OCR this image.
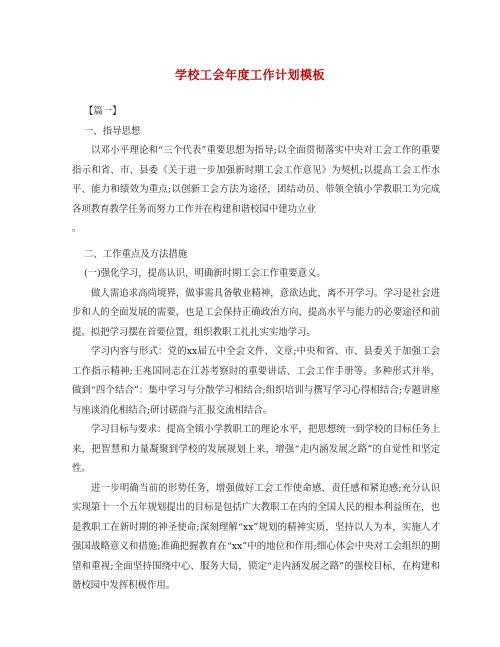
学校工会年度工作计划模板

【篇一】

一、指导思想

以邓小平理论和“三个代表”重要思想为指导;以全面贯彻落实中央对工会工作的重要指示和省、市、县委《关于进一步加强新时期工会工作意见》为契机;以提高工会工作水平、能力和绩效为重点;以创新工会方法为途径，团结动员、带领全镇小学教职工为完成各项教育教学任务而努力工作并在构建和谐校园中建功立业

。

二、工作重点及方法措施

(一)强化学习，提高认识，明确新时期工会工作重要意义。

做人需追求高尚境界，做事需具备敬业精神，意欲达此，离不开学习。学习是社会进步和人的全面发展的需要，也是工会保持正确政治方向，提高水平与能力的必要途径和前提。拟把学习摆在首要位置，组织教职工扎扎实实地学习。

学习内容与形式：党的xx届五中全会文件、文章;中央和省、市、县委关于加强工会工作指示精神;王兆国同志在江苏考察时的重要讲话、工会工作手册等。多种形式并举，做到“四个结合”：集中学习与分散学习相结合;组织培训与撰写学习心得相结合;专题讲座与座谈消化相结合;研讨磋商与汇报交流相结合。

学习目标与要求：提高全镇小学教职工的理论水平，把思想统一到学校的目标任务上来，把智慧和力量凝聚到学校的发展规划上来，增强“走内涵发展之路”的自觉性和坚定性。

进一步明确当前的形势任务，增强做好工会工作使命感、责任感和紧迫感;充分认识实现第十一个五年规划提出的目标是包括广大教职工在内的全国人民的根本利益所在，也是教职工在新时期的神圣使命;深刻理解“xx”规划的精神实质，坚持以人为本，实施人才强国战略意义和措施;准确把握教育在“xx”中的地位和作用;细心体会中央对工会组织的期望和重视;全面坚持围绕中心、服务大局，锁定“走内涵发展之路”的强校目标，在构建和谐校园中发挥积极作用。
